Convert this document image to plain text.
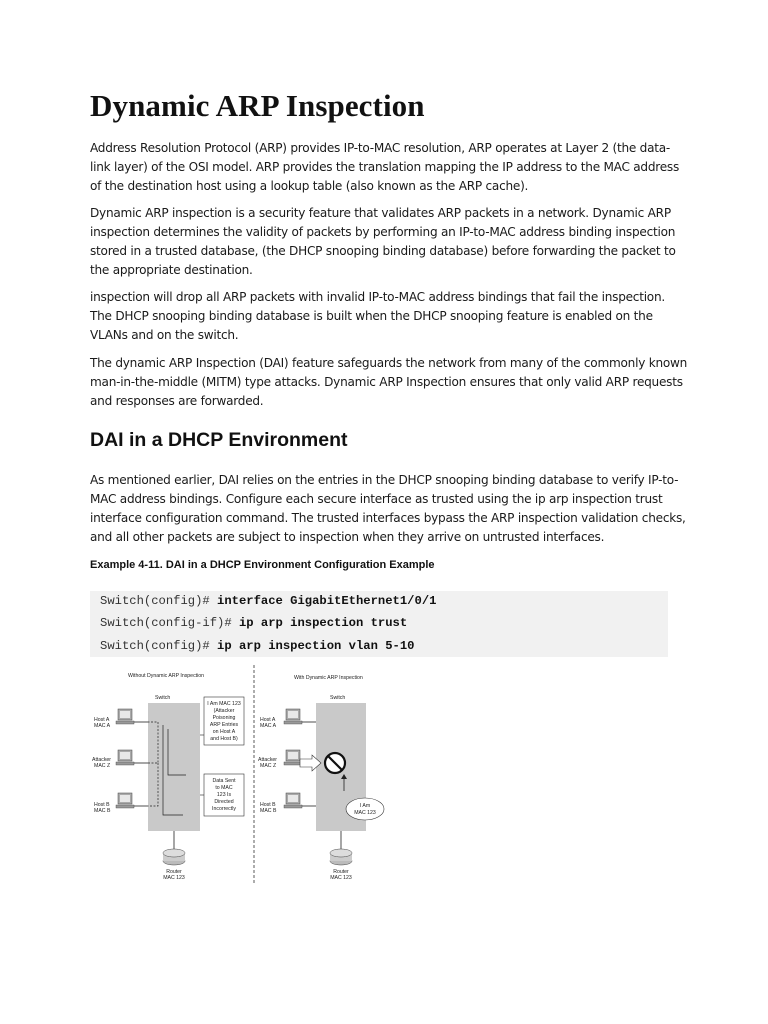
Dynamic ARP Inspection

Address Resolution Protocol (ARP) provides IP-to-MAC resolution, ARP operates at Layer 2 (the data-link layer) of the OSI model. ARP provides the translation mapping the IP address to the MAC address of the destination host using a lookup table (also known as the ARP cache).

Dynamic ARP inspection is a security feature that validates ARP packets in a network. Dynamic ARP inspection determines the validity of packets by performing an IP-to-MAC address binding inspection stored in a trusted database, (the DHCP snooping binding database) before forwarding the packet to the appropriate destination.

inspection will drop all ARP packets with invalid IP-to-MAC address bindings that fail the inspection. The DHCP snooping binding database is built when the DHCP snooping feature is enabled on the VLANs and on the switch.

The dynamic ARP Inspection (DAI) feature safeguards the network from many of the commonly known man-in-the-middle (MITM) type attacks. Dynamic ARP Inspection ensures that only valid ARP requests and responses are forwarded.

DAI in a DHCP Environment

As mentioned earlier, DAI relies on the entries in the DHCP snooping binding database to verify IP-to-MAC address bindings. Configure each secure interface as trusted using the ip arp inspection trust interface configuration command. The trusted interfaces bypass the ARP inspection validation checks, and all other packets are subject to inspection when they arrive on untrusted interfaces.

Example 4-11. DAI in a DHCP Environment Configuration Example

Switch(config)# interface GigabitEthernet1/0/1
Switch(config-if)# ip arp inspection trust
Switch(config)# ip arp inspection vlan 5-10
Without Dynamic ARP Inspection
Switch
Host A
MAC A
Attacker
MAC Z
Host B
MAC B
I Am MAC 123
(Attacker
Poisoning
ARP Entries
on Host A
and Host B)
Data Sent
to MAC
123 Is
Directed
Incorrectly
Router
MAC 123
With Dynamic ARP Inspection
Switch
Host A
MAC A
Attacker
MAC Z
Host B
MAC B
I Am
MAC 123
Router
MAC 123
